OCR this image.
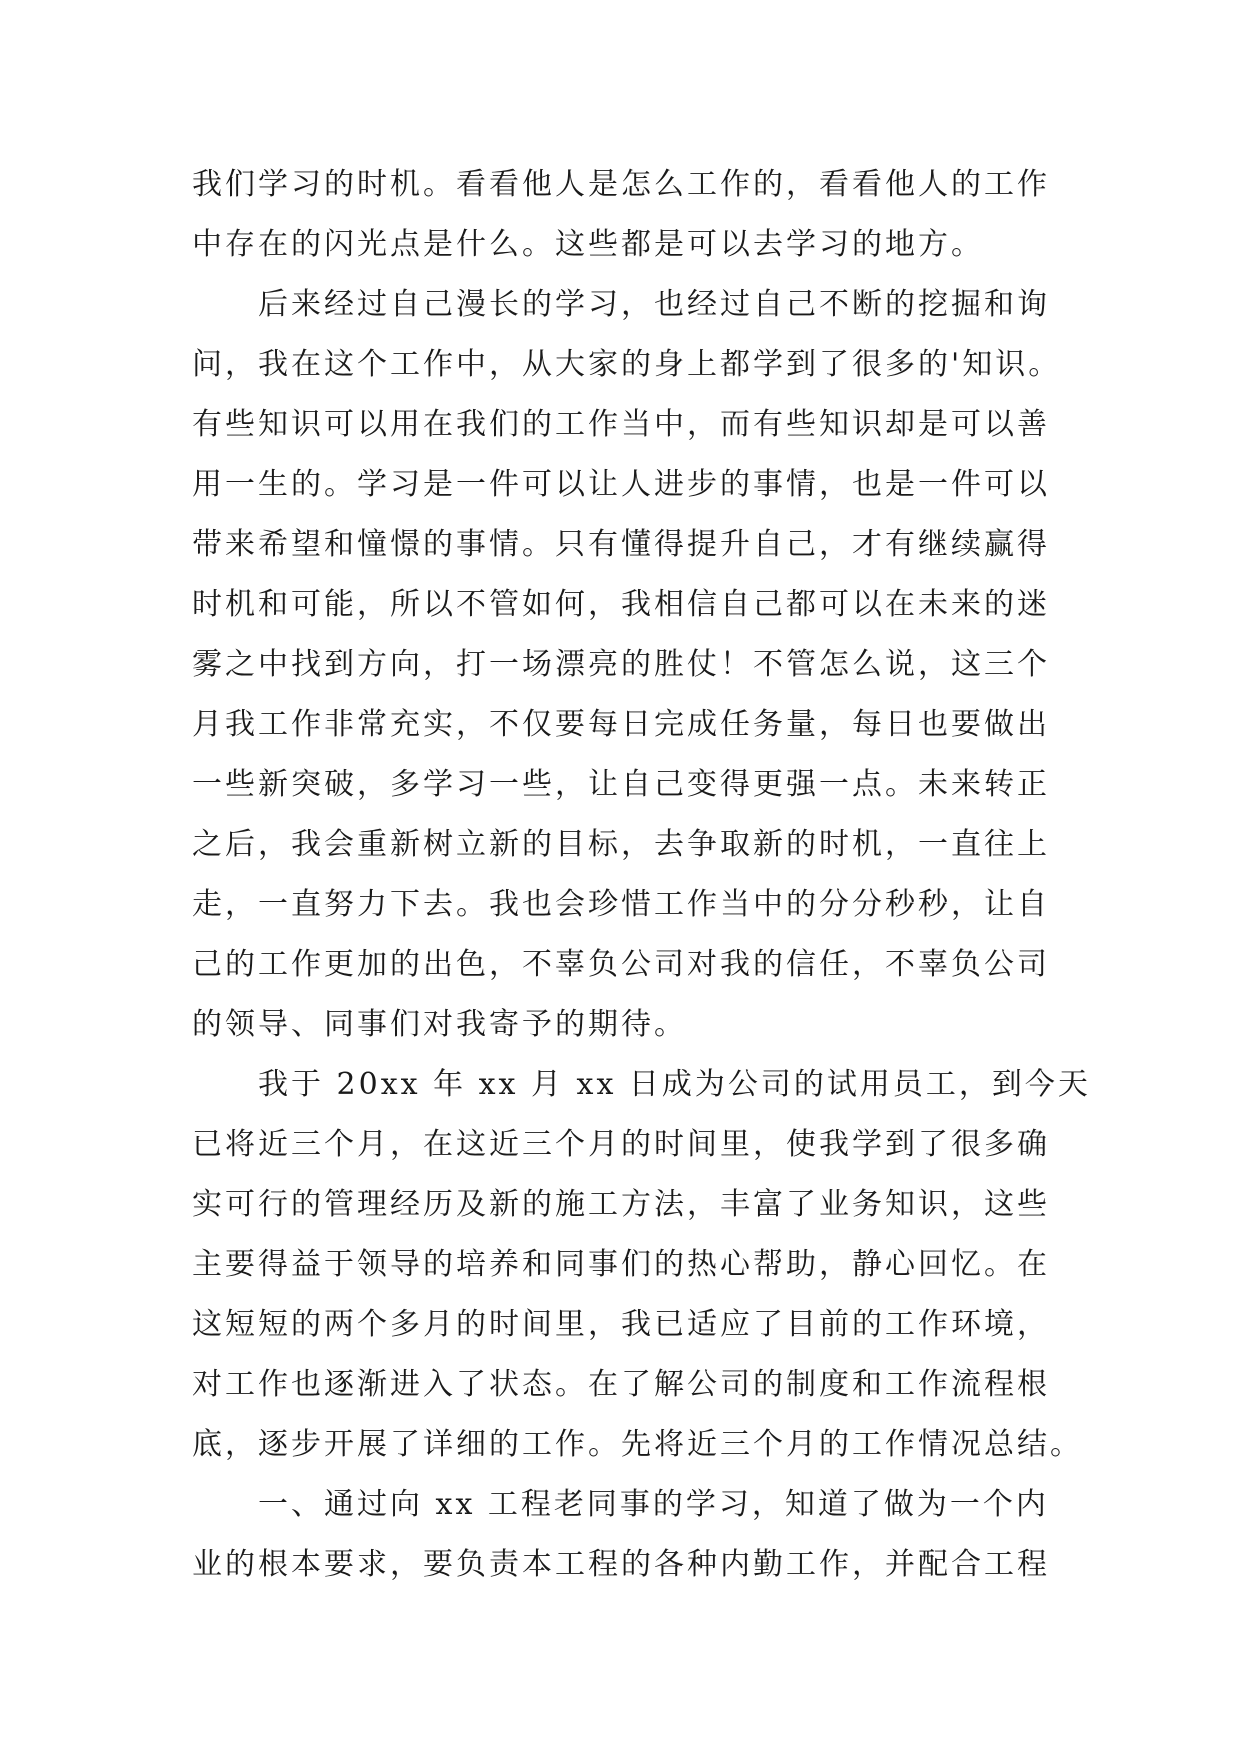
我们学习的时机。看看他人是怎么工作的，看看他人的工作
中存在的闪光点是什么。这些都是可以去学习的地方。
　　后来经过自己漫长的学习，也经过自己不断的挖掘和询
问，我在这个工作中，从大家的身上都学到了很多的'知识。
有些知识可以用在我们的工作当中，而有些知识却是可以善
用一生的。学习是一件可以让人进步的事情，也是一件可以
带来希望和憧憬的事情。只有懂得提升自己，才有继续赢得
时机和可能，所以不管如何，我相信自己都可以在未来的迷
雾之中找到方向，打一场漂亮的胜仗！不管怎么说，这三个
月我工作非常充实，不仅要每日完成任务量，每日也要做出
一些新突破，多学习一些，让自己变得更强一点。未来转正
之后，我会重新树立新的目标，去争取新的时机，一直往上
走，一直努力下去。我也会珍惜工作当中的分分秒秒，让自
己的工作更加的出色，不辜负公司对我的信任，不辜负公司
的领导、同事们对我寄予的期待。
　　我于 20xx 年 xx 月 xx 日成为公司的试用员工，到今天
已将近三个月，在这近三个月的时间里，使我学到了很多确
实可行的管理经历及新的施工方法，丰富了业务知识，这些
主要得益于领导的培养和同事们的热心帮助，静心回忆。在
这短短的两个多月的时间里，我已适应了目前的工作环境，
对工作也逐渐进入了状态。在了解公司的制度和工作流程根
底，逐步开展了详细的工作。先将近三个月的工作情况总结。
　　一、通过向 xx 工程老同事的学习，知道了做为一个内
业的根本要求，要负责本工程的各种内勤工作，并配合工程
